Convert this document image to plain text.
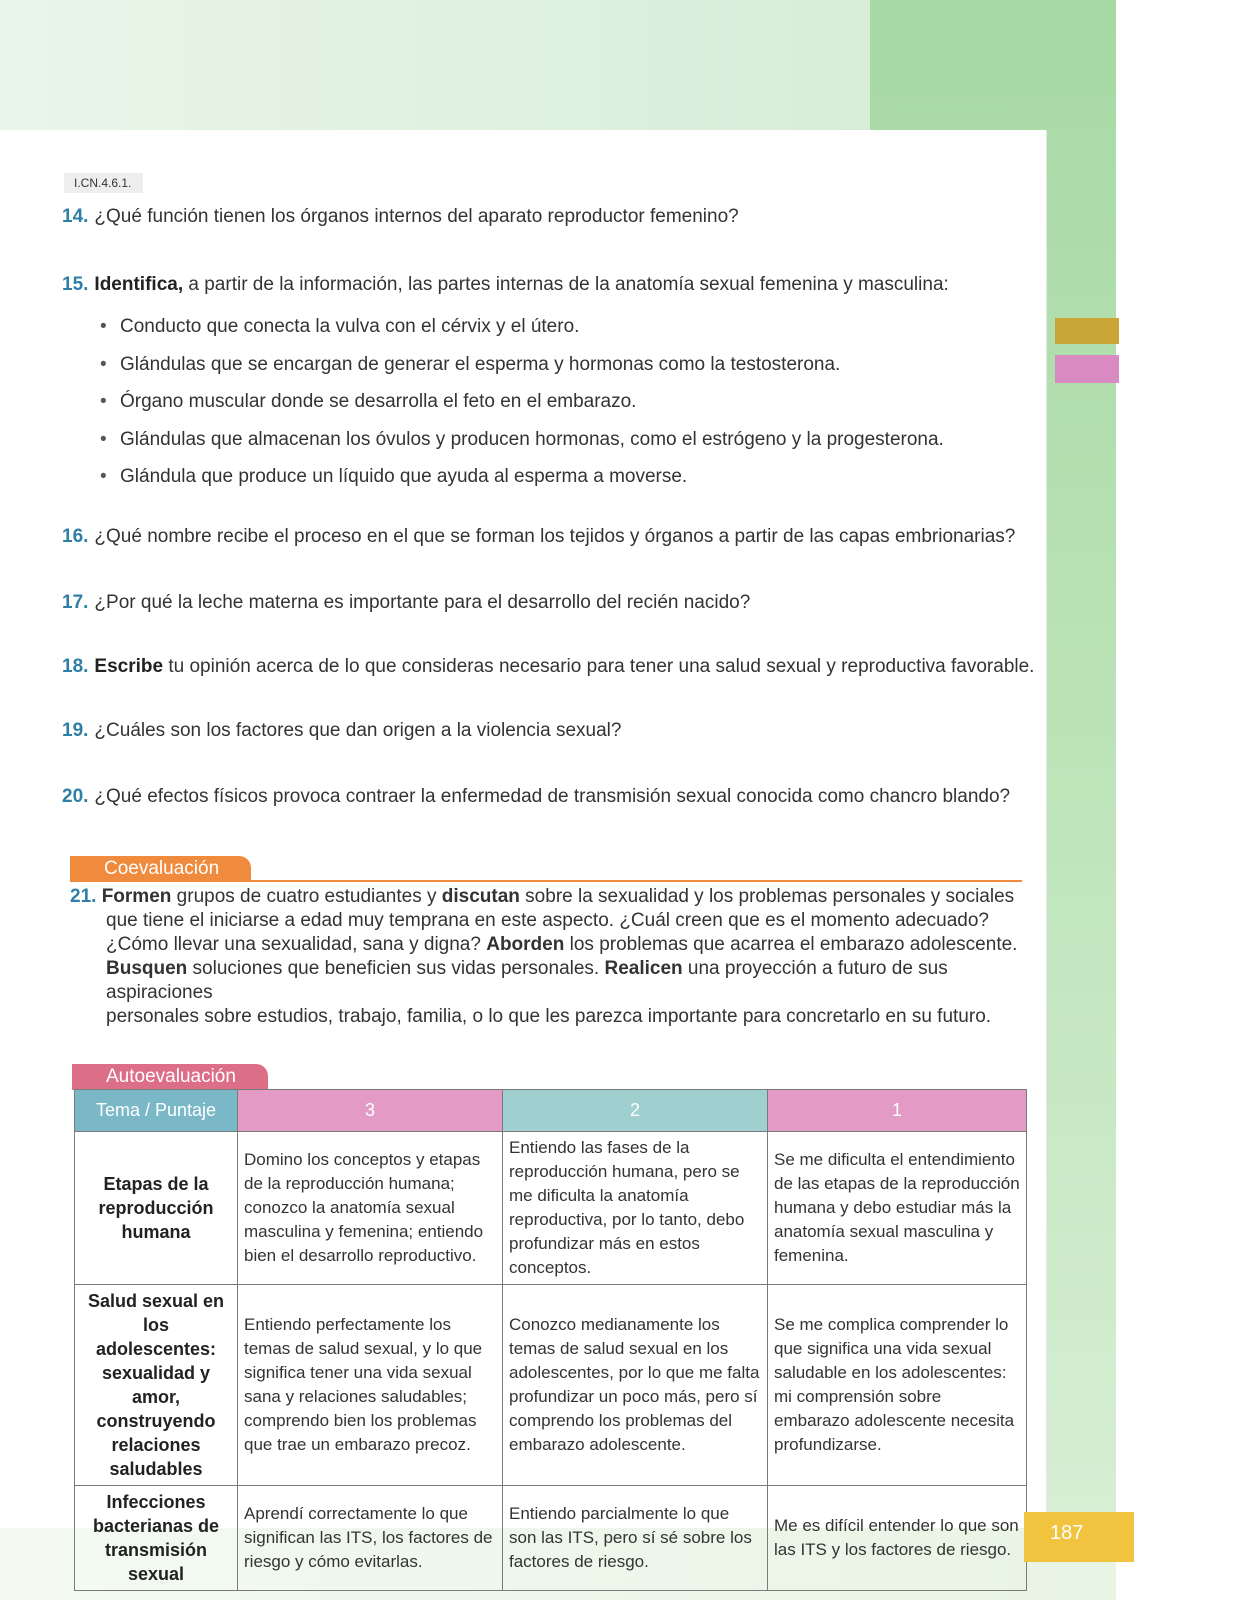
I.CN.4.6.1.
14. ¿Qué función tienen los órganos internos del aparato reproductor femenino?
15. Identifica, a partir de la información, las partes internas de la anatomía sexual femenina y masculina:
• Conducto que conecta la vulva con el cérvix y el útero.
• Glándulas que se encargan de generar el esperma y hormonas como la testosterona.
• Órgano muscular donde se desarrolla el feto en el embarazo.
• Glándulas que almacenan los óvulos y producen hormonas, como el estrógeno y la progesterona.
• Glándula que produce un líquido que ayuda al esperma a moverse.
16. ¿Qué nombre recibe el proceso en el que se forman los tejidos y órganos a partir de las capas embrionarias?
17. ¿Por qué la leche materna es importante para el desarrollo del recién nacido?
18. Escribe tu opinión acerca de lo que consideras necesario para tener una salud sexual y reproductiva favorable.
19. ¿Cuáles son los factores que dan origen a la violencia sexual?
20. ¿Qué efectos físicos provoca contraer la enfermedad de transmisión sexual conocida como chancro blando?
Coevaluación
21. Formen grupos de cuatro estudiantes y discutan sobre la sexualidad y los problemas personales y sociales
que tiene el iniciarse a edad muy temprana en este aspecto. ¿Cuál creen que es el momento adecuado?
¿Cómo llevar una sexualidad, sana y digna? Aborden los problemas que acarrea el embarazo adolescente.
Busquen soluciones que beneficien sus vidas personales. Realicen una proyección a futuro de sus aspiraciones
personales sobre estudios, trabajo, familia, o lo que les parezca importante para concretarlo en su futuro.
Autoevaluación
Tema / Puntaje	3	2	1
Etapas de la reproducción humana	Domino los conceptos y etapas de la reproducción humana; conozco la anatomía sexual masculina y femenina; entiendo bien el desarrollo reproductivo.	Entiendo las fases de la reproducción humana, pero se me dificulta la anatomía reproductiva, por lo tanto, debo profundizar más en estos conceptos.	Se me dificulta el entendimiento de las etapas de la reproducción humana y debo estudiar más la anatomía sexual masculina y femenina.
Salud sexual en los adolescentes: sexualidad y amor, construyendo relaciones saludables	Entiendo perfectamente los temas de salud sexual, y lo que significa tener una vida sexual sana y relaciones saludables; comprendo bien los problemas que trae un embarazo precoz.	Conozco medianamente los temas de salud sexual en los adolescentes, por lo que me falta profundizar un poco más, pero sí comprendo los problemas del embarazo adolescente.	Se me complica comprender lo que significa una vida sexual saludable en los adolescentes: mi comprensión sobre embarazo adolescente necesita profundizarse.
Infecciones bacterianas de transmisión sexual	Aprendí correctamente lo que significan las ITS, los factores de riesgo y cómo evitarlas.	Entiendo parcialmente lo que son las ITS, pero sí sé sobre los factores de riesgo.	Me es difícil entender lo que son las ITS y los factores de riesgo.
187
